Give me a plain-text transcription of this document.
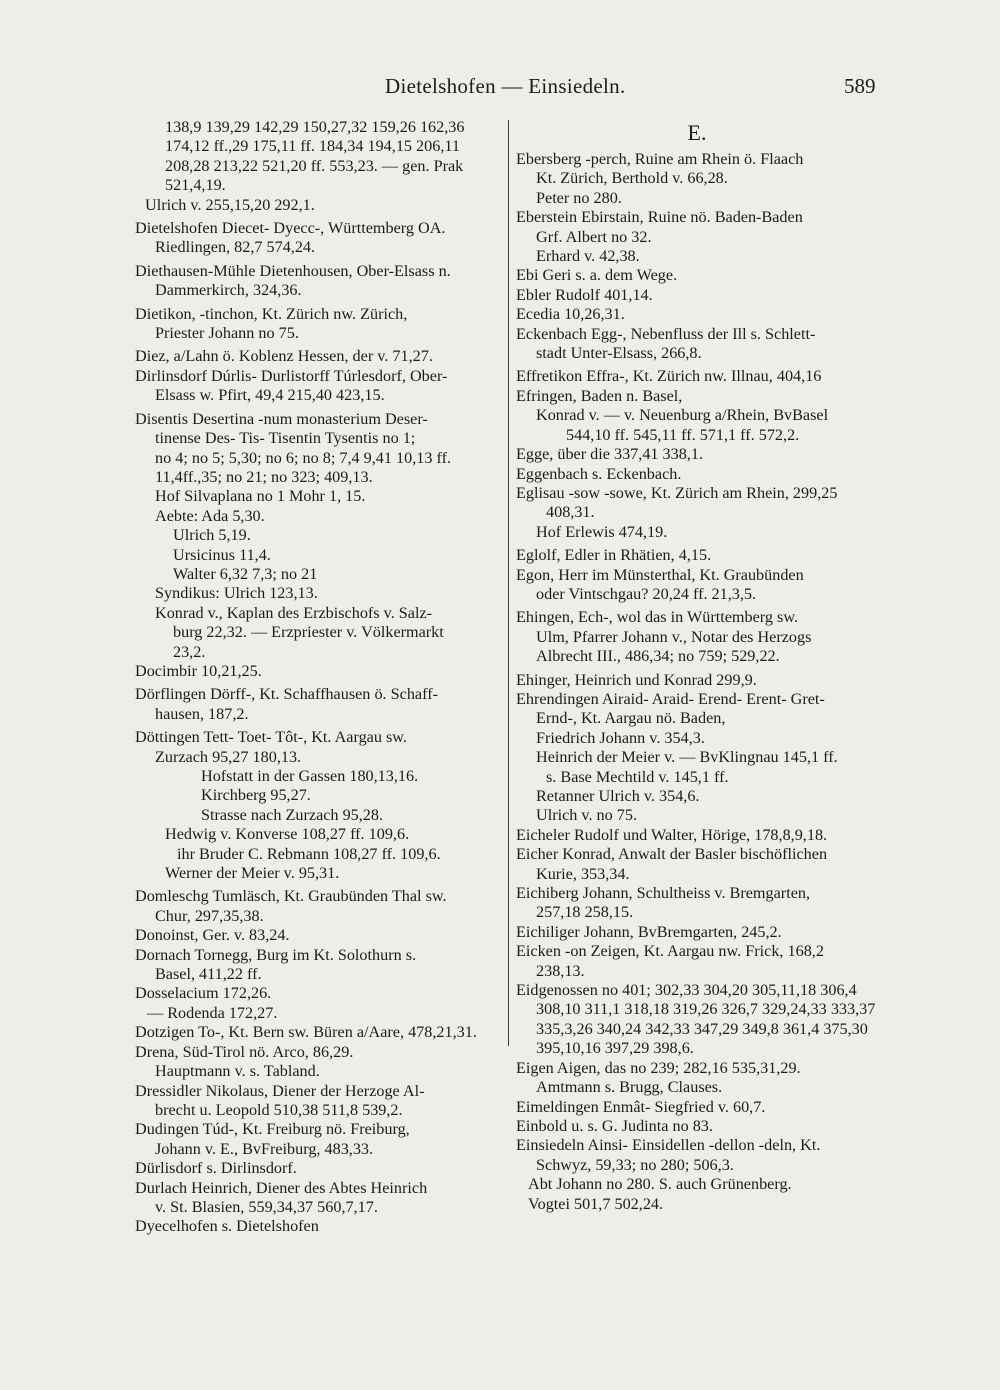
Dietelshofen — Einsiedeln.	589
138,9 139,29 142,29 150,27,32 159,26 162,36
174,12 ff.,29 175,11 ff. 184,34 194,15 206,11
208,28 213,22 521,20 ff. 553,23. — gen. Prak
521,4,19.
Ulrich v. 255,15,20 292,1.
Dietelshofen Diecet- Dyecc-, Württemberg OA.
Riedlingen, 82,7 574,24.
Diethausen-Mühle Dietenhousen, Ober-Elsass n.
Dammerkirch, 324,36.
Dietikon, -tinchon, Kt. Zürich nw. Zürich,
Priester Johann no 75.
Diez, a/Lahn ö. Koblenz Hessen, der v. 71,27.
Dirlinsdorf Dúrlis- Durlistorff Túrlesdorf, Ober-
Elsass w. Pfirt, 49,4 215,40 423,15.
Disentis Desertina -num monasterium Deser-
tinense Des- Tis- Tisentin Tysentis no 1;
no 4; no 5; 5,30; no 6; no 8; 7,4 9,41 10,13 ff.
11,4ff.,35; no 21; no 323; 409,13.
Hof Silvaplana no 1 Mohr 1, 15.
Aebte: Ada 5,30.
Ulrich 5,19.
Ursicinus 11,4.
Walter 6,32 7,3; no 21
Syndikus: Ulrich 123,13.
Konrad v., Kaplan des Erzbischofs v. Salz-
burg 22,32. — Erzpriester v. Völkermarkt
23,2.
Docimbir 10,21,25.
Dörflingen Dörff-, Kt. Schaffhausen ö. Schaff-
hausen, 187,2.
Döttingen Tett- Toet- Tôt-, Kt. Aargau sw.
Zurzach 95,27 180,13.
Hofstatt in der Gassen 180,13,16.
Kirchberg 95,27.
Strasse nach Zurzach 95,28.
Hedwig v. Konverse 108,27 ff. 109,6.
ihr Bruder C. Rebmann 108,27 ff. 109,6.
Werner der Meier v. 95,31.
Domleschg Tumläsch, Kt. Graubünden Thal sw.
Chur, 297,35,38.
Donoinst, Ger. v. 83,24.
Dornach Tornegg, Burg im Kt. Solothurn s.
Basel, 411,22 ff.
Dosselacium 172,26.
— Rodenda 172,27.
Dotzigen To-, Kt. Bern sw. Büren a/Aare, 478,21,31.
Drena, Süd-Tirol nö. Arco, 86,29.
Hauptmann v. s. Tabland.
Dressidler Nikolaus, Diener der Herzoge Al-
brecht u. Leopold 510,38 511,8 539,2.
Dudingen Túd-, Kt. Freiburg nö. Freiburg,
Johann v. E., BvFreiburg, 483,33.
Dürlisdorf s. Dirlinsdorf.
Durlach Heinrich, Diener des Abtes Heinrich
v. St. Blasien, 559,34,37 560,7,17.
Dyecelhofen s. Dietelshofen
E.
Ebersberg -perch, Ruine am Rhein ö. Flaach
Kt. Zürich, Berthold v. 66,28.
Peter no 280.
Eberstein Ebirstain, Ruine nö. Baden-Baden
Grf. Albert no 32.
Erhard v. 42,38.
Ebi Geri s. a. dem Wege.
Ebler Rudolf 401,14.
Ecedia 10,26,31.
Eckenbach Egg-, Nebenfluss der Ill s. Schlett-
stadt Unter-Elsass, 266,8.
Effretikon Effra-, Kt. Zürich nw. Illnau, 404,16
Efringen, Baden n. Basel,
Konrad v. — v. Neuenburg a/Rhein, BvBasel
544,10 ff. 545,11 ff. 571,1 ff. 572,2.
Egge, über die 337,41 338,1.
Eggenbach s. Eckenbach.
Eglisau -sow -sowe, Kt. Zürich am Rhein, 299,25
408,31.
Hof Erlewis 474,19.
Eglolf, Edler in Rhätien, 4,15.
Egon, Herr im Münsterthal, Kt. Graubünden
oder Vintschgau? 20,24 ff. 21,3,5.
Ehingen, Ech-, wol das in Württemberg sw.
Ulm, Pfarrer Johann v., Notar des Herzogs
Albrecht III., 486,34; no 759; 529,22.
Ehinger, Heinrich und Konrad 299,9.
Ehrendingen Airaid- Araid- Erend- Erent- Gret-
Ernd-, Kt. Aargau nö. Baden,
Friedrich Johann v. 354,3.
Heinrich der Meier v. — BvKlingnau 145,1 ff.
s. Base Mechtild v. 145,1 ff.
Retanner Ulrich v. 354,6.
Ulrich v. no 75.
Eicheler Rudolf und Walter, Hörige, 178,8,9,18.
Eicher Konrad, Anwalt der Basler bischöflichen
Kurie, 353,34.
Eichiberg Johann, Schultheiss v. Bremgarten,
257,18 258,15.
Eichiliger Johann, BvBremgarten, 245,2.
Eicken -on Zeigen, Kt. Aargau nw. Frick, 168,2
238,13.
Eidgenossen no 401; 302,33 304,20 305,11,18 306,4
308,10 311,1 318,18 319,26 326,7 329,24,33 333,37
335,3,26 340,24 342,33 347,29 349,8 361,4 375,30
395,10,16 397,29 398,6.
Eigen Aigen, das no 239; 282,16 535,31,29.
Amtmann s. Brugg, Clauses.
Eimeldingen Enmât- Siegfried v. 60,7.
Einbold u. s. G. Judinta no 83.
Einsiedeln Ainsi- Einsidellen -dellon -deln, Kt.
Schwyz, 59,33; no 280; 506,3.
Abt Johann no 280. S. auch Grünenberg.
Vogtei 501,7 502,24.
